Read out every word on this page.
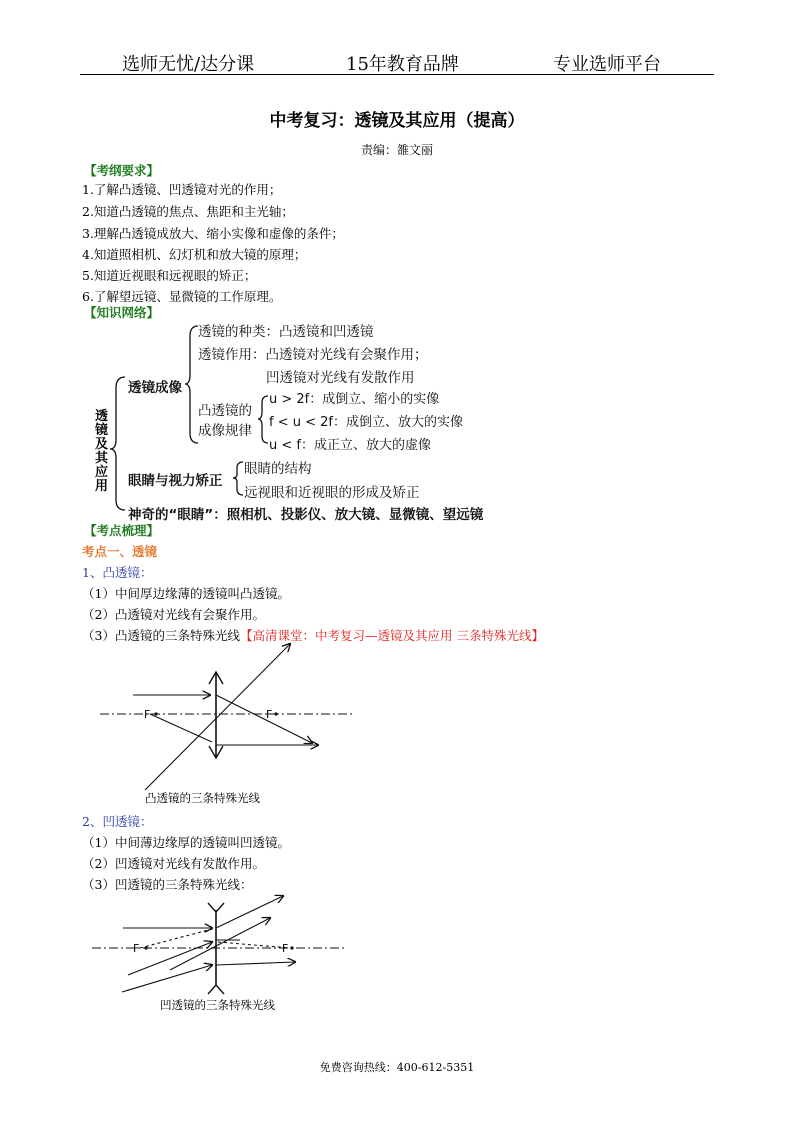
选师无忧/达分课	15年教育品牌	专业选师平台
中考复习：透镜及其应用（提高）
责编：雒文丽
【考纲要求】
1.了解凸透镜、凹透镜对光的作用；
2.知道凸透镜的焦点、焦距和主光轴；
3.理解凸透镜成放大、缩小实像和虚像的条件；
4.知道照相机、幻灯机和放大镜的原理；
5.知道近视眼和远视眼的矫正；
6.了解望远镜、显微镜的工作原理。
【知识网络】
透镜及其应用
透镜成像
透镜的种类：凸透镜和凹透镜
透镜作用：凸透镜对光线有会聚作用；
凹透镜对光线有发散作用
凸透镜的
成像规律
u > 2f：成倒立、缩小的实像
f < u < 2f：成倒立、放大的实像
u < f：成正立、放大的虚像
眼睛与视力矫正
眼睛的结构
远视眼和近视眼的形成及矫正
神奇的“眼睛”：照相机、投影仪、放大镜、显微镜、望远镜
【考点梳理】
考点一、透镜
1、凸透镜：
（1）中间厚边缘薄的透镜叫凸透镜。
（2）凸透镜对光线有会聚作用。
（3）凸透镜的三条特殊光线【高清课堂：中考复习—透镜及其应用 三条特殊光线】
F	F
凸透镜的三条特殊光线
2、凹透镜：
（1）中间薄边缘厚的透镜叫凹透镜。
（2）凹透镜对光线有发散作用。
（3）凹透镜的三条特殊光线：
F	F
凹透镜的三条特殊光线
免费咨询热线：400-612-5351
